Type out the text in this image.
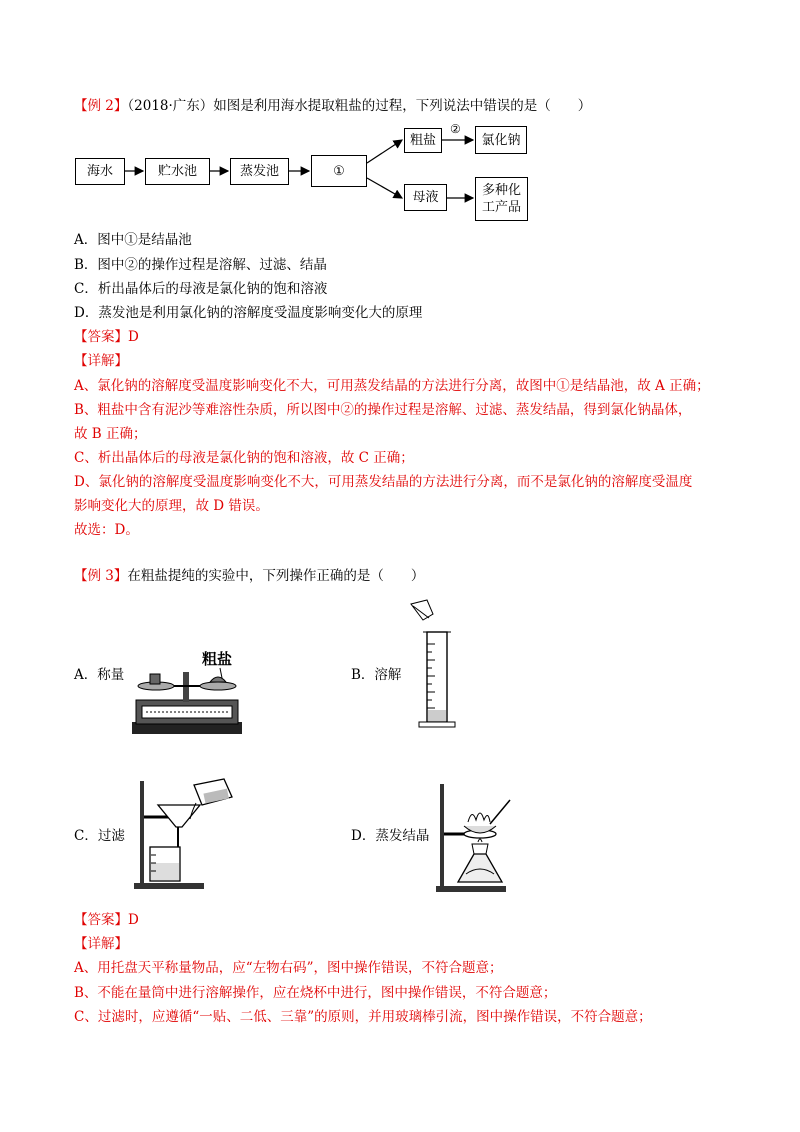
【例 2】（2018·广东）如图是利用海水提取粗盐的过程，下列说法中错误的是（　　）
海水	贮水池	蒸发池	①
粗盐
②
氯化钠
母液	多种化工产品
A．图中①是结晶池
B．图中②的操作过程是溶解、过滤、结晶
C．析出晶体后的母液是氯化钠的饱和溶液
D．蒸发池是利用氯化钠的溶解度受温度影响变化大的原理
【答案】D
【详解】
A、氯化钠的溶解度受温度影响变化不大，可用蒸发结晶的方法进行分离，故图中①是结晶池，故 A 正确；
B、粗盐中含有泥沙等难溶性杂质，所以图中②的操作过程是溶解、过滤、蒸发结晶，得到氯化钠晶体，
故 B 正确；
C、析出晶体后的母液是氯化钠的饱和溶液，故 C 正确；
D、氯化钠的溶解度受温度影响变化不大，可用蒸发结晶的方法进行分离，而不是氯化钠的溶解度受温度
影响变化大的原理，故 D 错误。
故选：D。
【例 3】在粗盐提纯的实验中，下列操作正确的是（　　）
A．称量
粗盐
B．溶解
C．过滤	D．蒸发结晶
【答案】D
【详解】
A、用托盘天平称量物品，应“左物右码”，图中操作错误，不符合题意；
B、不能在量筒中进行溶解操作，应在烧杯中进行，图中操作错误，不符合题意；
C、过滤时，应遵循“一贴、二低、三靠”的原则，并用玻璃棒引流，图中操作错误，不符合题意；
